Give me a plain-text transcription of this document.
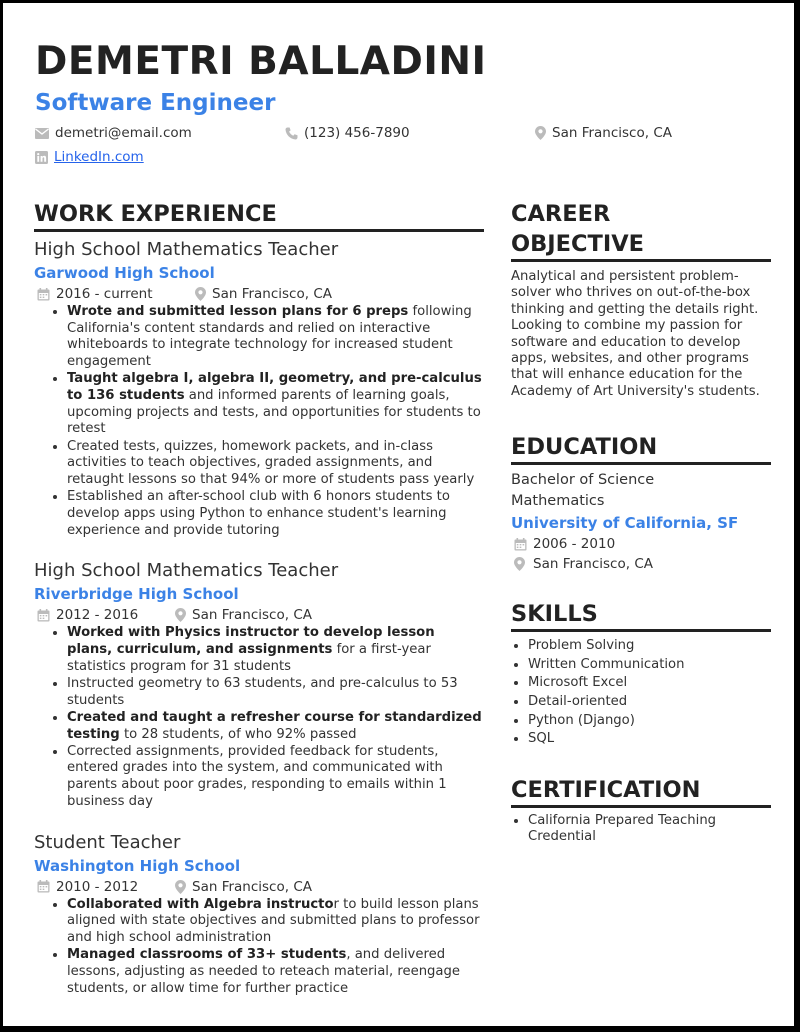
DEMETRI BALLADINI
Software Engineer
demetri@email.com	(123) 456-7890	San Francisco, CA
LinkedIn.com
WORK EXPERIENCE
High School Mathematics Teacher
Garwood High School
2016 - current	San Francisco, CA
• Wrote and submitted lesson plans for 6 preps following California's content standards and relied on interactive whiteboards to integrate technology for increased student engagement
• Taught algebra I, algebra II, geometry, and pre-calculus to 136 students and informed parents of learning goals, upcoming projects and tests, and opportunities for students to retest
• Created tests, quizzes, homework packets, and in-class activities to teach objectives, graded assignments, and retaught lessons so that 94% or more of students pass yearly
• Established an after-school club with 6 honors students to develop apps using Python to enhance student's learning experience and provide tutoring
High School Mathematics Teacher
Riverbridge High School
2012 - 2016	San Francisco, CA
• Worked with Physics instructor to develop lesson plans, curriculum, and assignments for a first-year statistics program for 31 students
• Instructed geometry to 63 students, and pre-calculus to 53 students
• Created and taught a refresher course for standardized testing to 28 students, of who 92% passed
• Corrected assignments, provided feedback for students, entered grades into the system, and communicated with parents about poor grades, responding to emails within 1 business day
Student Teacher
Washington High School
2010 - 2012	San Francisco, CA
• Collaborated with Algebra instructor to build lesson plans aligned with state objectives and submitted plans to professor and high school administration
• Managed classrooms of 33+ students, and delivered lessons, adjusting as needed to reteach material, reengage students, or allow time for further practice
CAREER
OBJECTIVE
Analytical and persistent problem-solver who thrives on out-of-the-box thinking and getting the details right. Looking to combine my passion for software and education to develop apps, websites, and other programs that will enhance education for the Academy of Art University's students.
EDUCATION
Bachelor of Science
Mathematics
University of California, SF
2006 - 2010
San Francisco, CA
SKILLS
• Problem Solving
• Written Communication
• Microsoft Excel
• Detail-oriented
• Python (Django)
• SQL
CERTIFICATION
• California Prepared Teaching Credential
